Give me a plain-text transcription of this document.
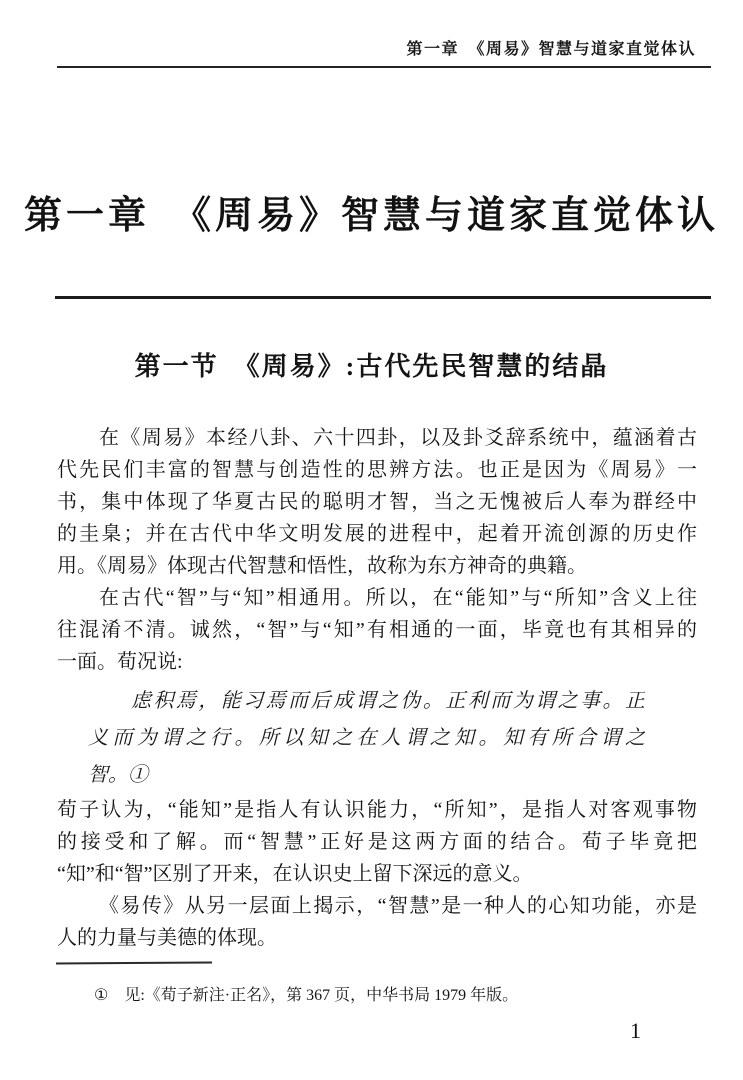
第一章　《周易》智慧与道家直觉体认
第一章　《周易》智慧与道家直觉体认
第一节　《周易》:古代先民智慧的结晶
在《周易》本经八卦、六十四卦，以及卦爻辞系统中，蕴涵着古
代先民们丰富的智慧与创造性的思辨方法。也正是因为《周易》一
书，集中体现了华夏古民的聪明才智，当之无愧被后人奉为群经中
的圭臬；并在古代中华文明发展的进程中，起着开流创源的历史作
用。《周易》体现古代智慧和悟性，故称为东方神奇的典籍。
在古代“智”与“知”相通用。所以，在“能知”与“所知”含义上往
往混淆不清。诚然，“智”与“知”有相通的一面，毕竟也有其相异的
一面。荀况说:
虑积焉，能习焉而后成谓之伪。正利而为谓之事。正
义而为谓之行。所以知之在人谓之知。知有所合谓之
智。①
荀子认为，“能知”是指人有认识能力，“所知”，是指人对客观事物
的接受和了解。而“智慧”正好是这两方面的结合。荀子毕竟把
“知”和“智”区别了开来，在认识史上留下深远的意义。
《易传》从另一层面上揭示，“智慧”是一种人的心知功能，亦是
人的力量与美德的体现。
① 见:《荀子新注·正名》，第 367 页，中华书局 1979 年版。
1
